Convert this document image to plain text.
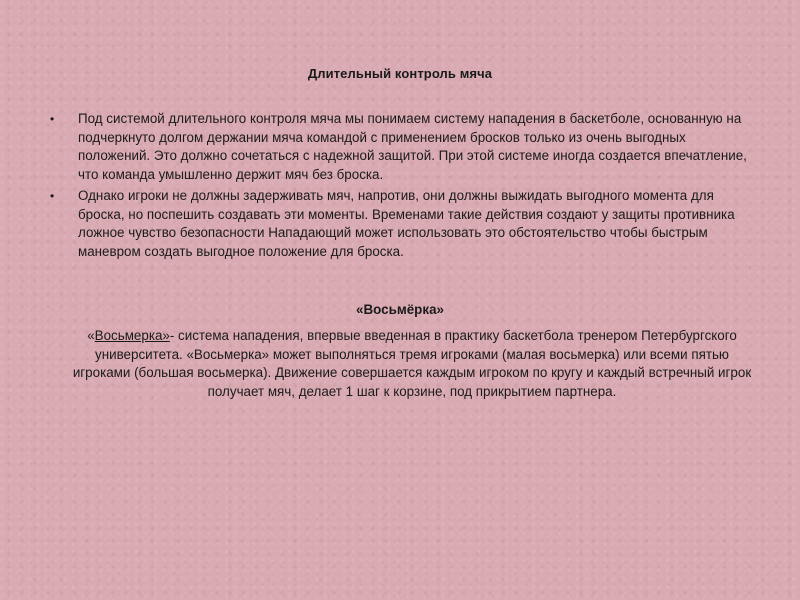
Длительный контроль мяча
• Под системой длительного контроля мяча мы понимаем систему нападения в баскетболе, основанную на подчеркнуто долгом держании мяча командой с применением бросков только из очень выгодных положений. Это должно сочетаться с надежной защитой. При этой системе иногда создается впечатление, что команда умышленно держит мяч без броска.
• Однако игроки не должны задерживать мяч, напротив, они должны выжидать выгодного момента для броска, но поспешить создавать эти моменты. Временами такие действия создают у защиты противника ложное чувство безопасности Нападающий может использовать это обстоятельство чтобы быстрым маневром создать выгодное положение для броска.
«Восьмёрка»
«Восьмерка»- система нападения, впервые введенная в практику баскетбола тренером Петербургского университета. «Восьмерка» может выполняться тремя игроками (малая восьмерка) или всеми пятью игроками (большая восьмерка). Движение совершается каждым игроком по кругу и каждый встречный игрок получает мяч, делает 1 шаг к корзине, под прикрытием партнера.
